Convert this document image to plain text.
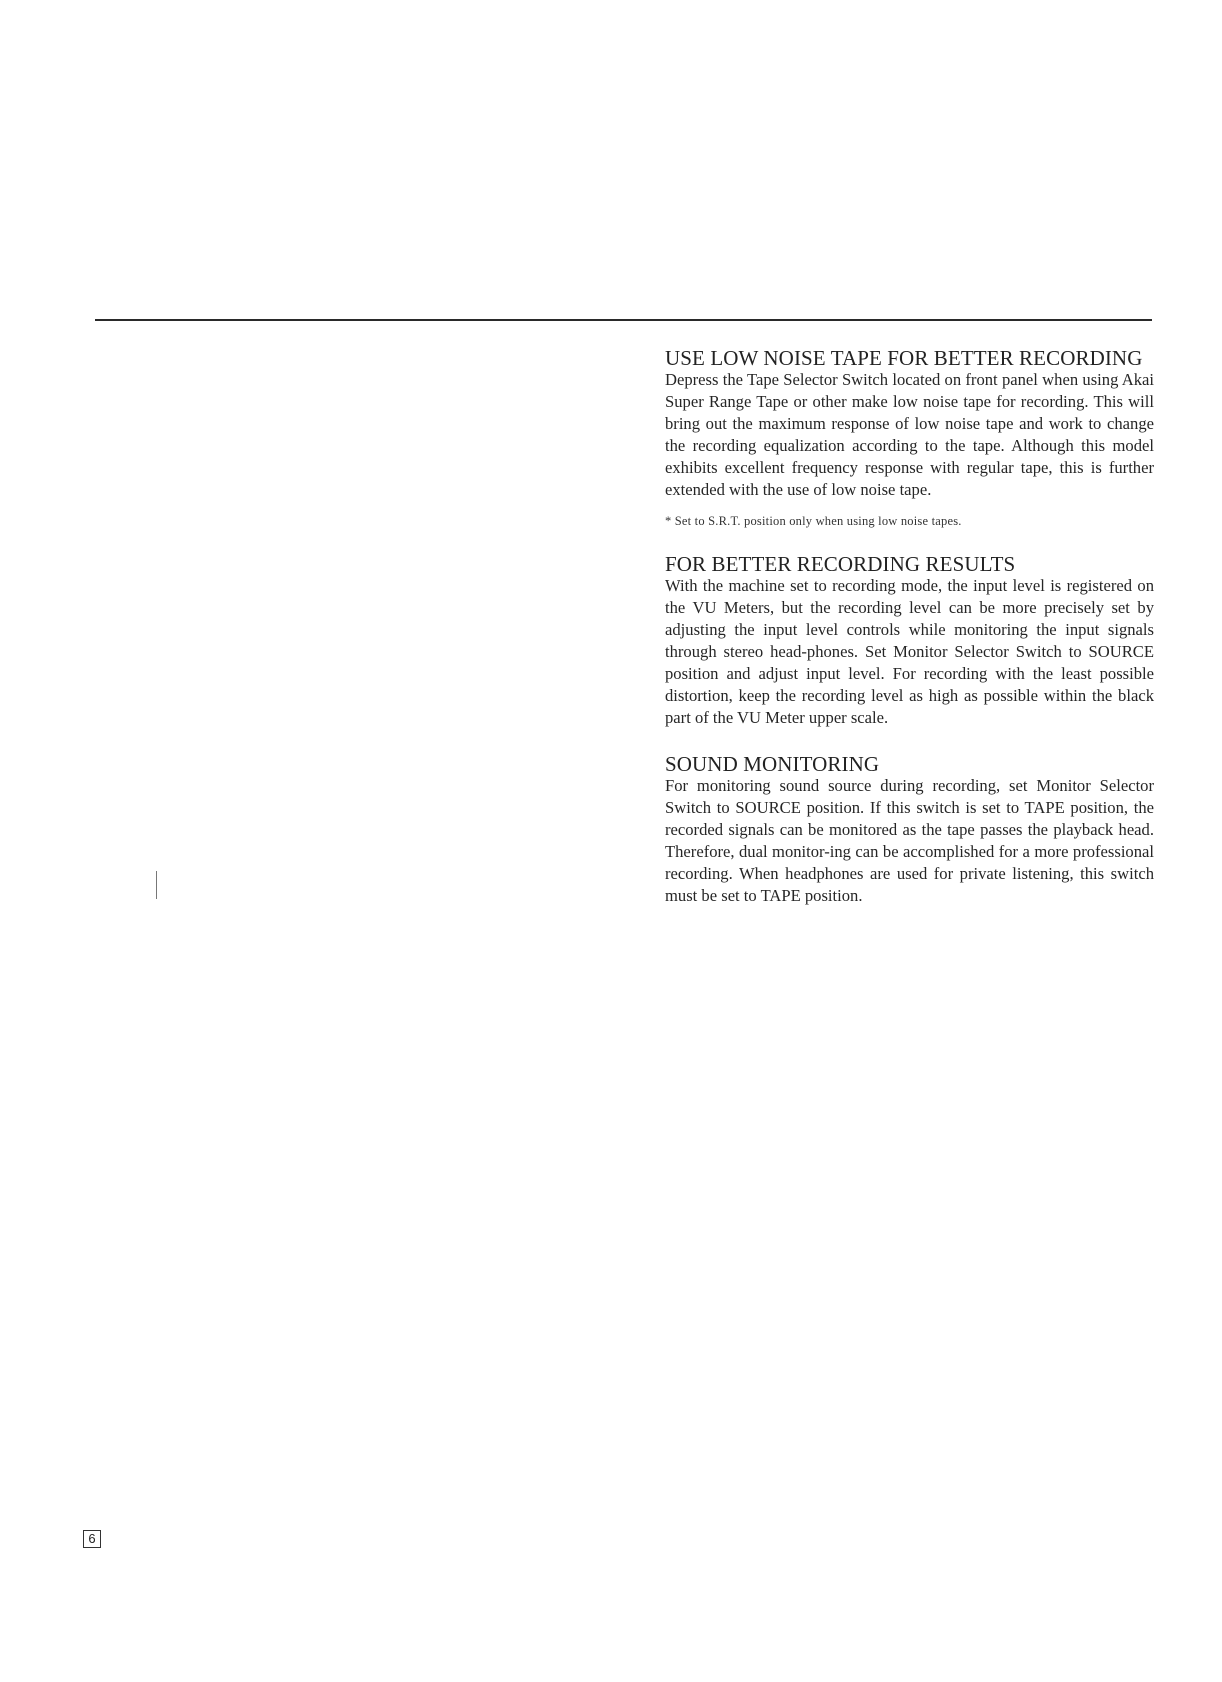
USE LOW NOISE TAPE FOR BETTER RECORDING

Depress the Tape Selector Switch located on front panel when using Akai Super Range Tape or other make low noise tape for recording. This will bring out the maximum response of low noise tape and work to change the recording equalization according to the tape. Although this model exhibits excellent frequency response with regular tape, this is further extended with the use of low noise tape.

* Set to S.R.T. position only when using low noise tapes.

FOR BETTER RECORDING RESULTS

With the machine set to recording mode, the input level is registered on the VU Meters, but the recording level can be more precisely set by adjusting the input level controls while monitoring the input signals through stereo head-phones. Set Monitor Selector Switch to SOURCE position and adjust input level. For recording with the least possible distortion, keep the recording level as high as possible within the black part of the VU Meter upper scale.

SOUND MONITORING

For monitoring sound source during recording, set Monitor Selector Switch to SOURCE position. If this switch is set to TAPE position, the recorded signals can be monitored as the tape passes the playback head. Therefore, dual monitor-ing can be accomplished for a more professional recording. When headphones are used for private listening, this switch must be set to TAPE position.

6
